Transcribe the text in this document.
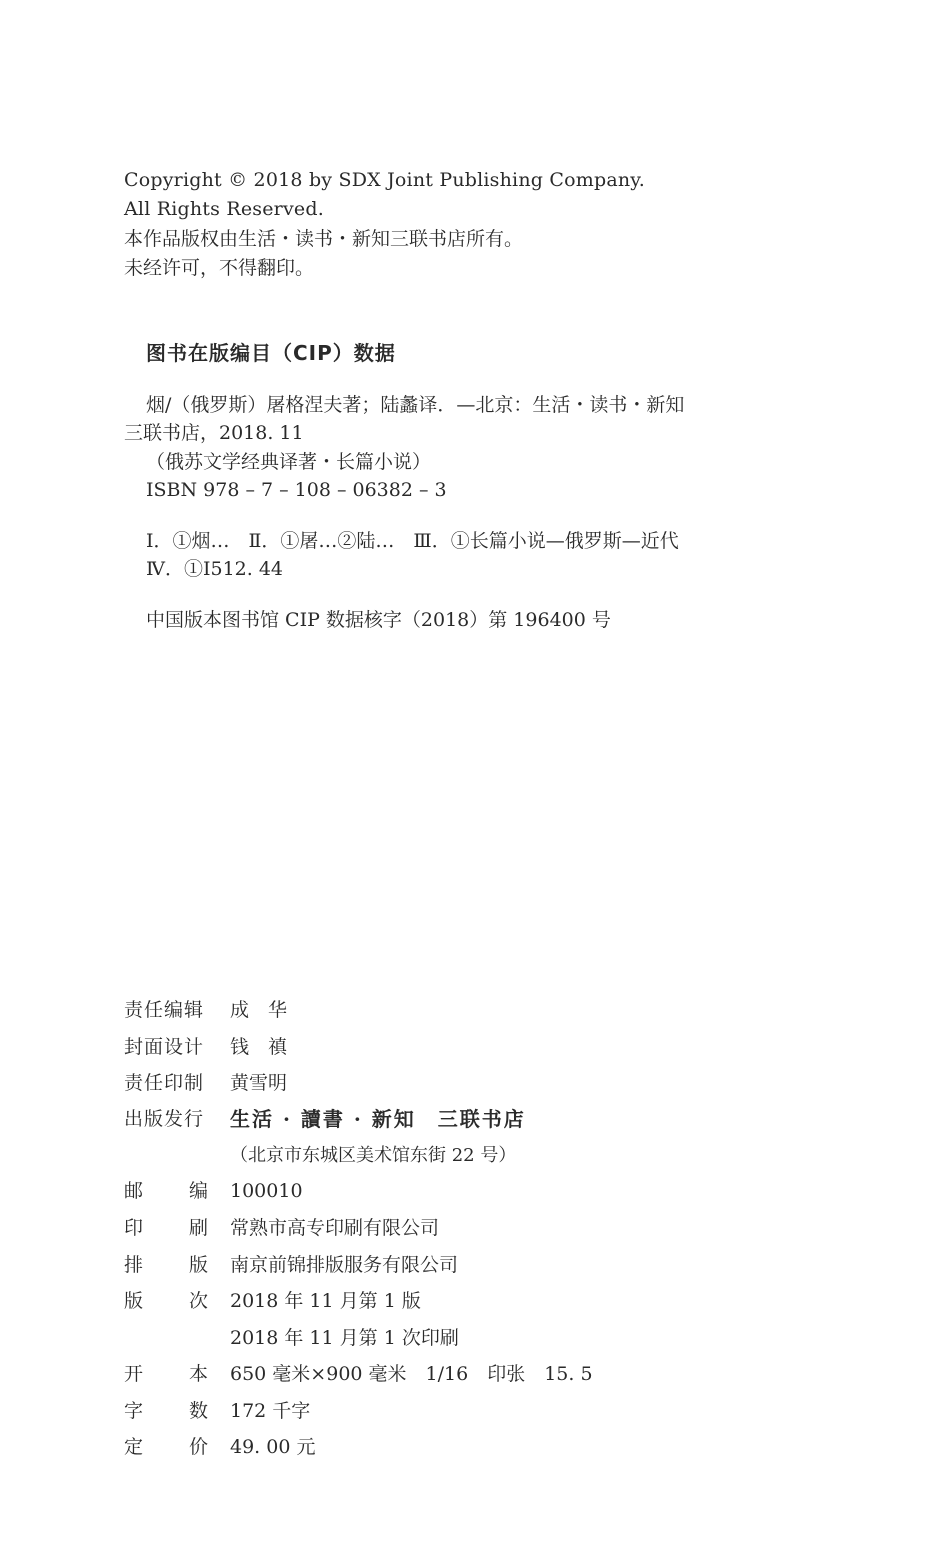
Copyright © 2018 by SDX Joint Publishing Company.
All Rights Reserved.
本作品版权由生活・读书・新知三联书店所有。
未经许可，不得翻印。
图书在版编目（CIP）数据
烟/（俄罗斯）屠格涅夫著；陆蠡译．—北京：生活・读书・新知
三联书店，2018. 11
（俄苏文学经典译著・长篇小说）
ISBN 978 – 7 – 108 – 06382 – 3
Ⅰ．①烟…　Ⅱ．①屠…②陆…　Ⅲ．①长篇小说—俄罗斯—近代
Ⅳ．①I512. 44
中国版本图书馆 CIP 数据核字（2018）第 196400 号
责任编辑 成　华
封面设计 钱　禛
责任印制 黄雪明
出版发行 生活 · 讀書 · 新知　三联书店
（北京市东城区美术馆东街 22 号）
邮 编 100010
印 刷 常熟市高专印刷有限公司
排 版 南京前锦排版服务有限公司
版 次 2018 年 11 月第 1 版
2018 年 11 月第 1 次印刷
开 本 650 毫米×900 毫米　1/16　印张　15. 5
字 数 172 千字
定 价 49. 00 元
